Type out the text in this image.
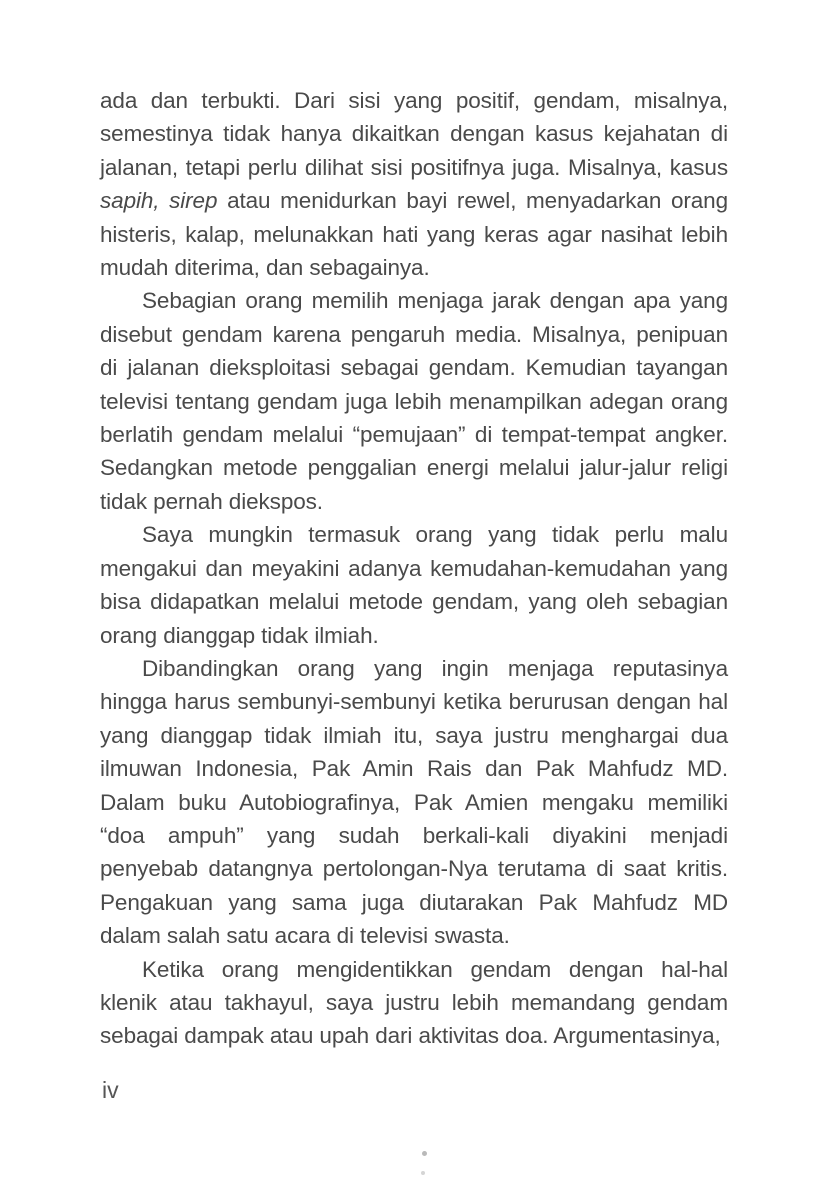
ada dan terbukti. Dari sisi yang positif, gendam, misalnya, semestinya tidak hanya dikaitkan dengan kasus kejahatan di jalanan, tetapi perlu dilihat sisi positifnya juga. Misalnya, kasus sapih, sirep atau menidurkan bayi rewel, menyadarkan orang histeris, kalap, melunakkan hati yang keras agar nasihat lebih mudah diterima, dan sebagainya.

Sebagian orang memilih menjaga jarak dengan apa yang disebut gendam karena pengaruh media. Misalnya, penipuan di jalanan dieksploitasi sebagai gendam. Kemudian tayangan televisi tentang gendam juga lebih menampilkan adegan orang berlatih gendam melalui “pemujaan” di tempat-tempat angker. Sedangkan metode penggalian energi melalui jalur-jalur religi tidak pernah diekspos.

Saya mungkin termasuk orang yang tidak perlu malu mengakui dan meyakini adanya kemudahan-kemudahan yang bisa didapatkan melalui metode gendam, yang oleh sebagian orang dianggap tidak ilmiah.

Dibandingkan orang yang ingin menjaga reputasinya hingga harus sembunyi-sembunyi ketika berurusan dengan hal yang dianggap tidak ilmiah itu, saya justru menghargai dua ilmuwan Indonesia, Pak Amin Rais dan Pak Mahfudz MD. Dalam buku Autobiografinya, Pak Amien mengaku memiliki “doa ampuh” yang sudah berkali-kali diyakini menjadi penyebab datangnya pertolongan-Nya terutama di saat kritis. Pengakuan yang sama juga diutarakan Pak Mahfudz MD dalam salah satu acara di televisi swasta.

Ketika orang mengidentikkan gendam dengan hal-hal klenik atau takhayul, saya justru lebih memandang gendam sebagai dampak atau upah dari aktivitas doa. Argumentasinya,

iv
